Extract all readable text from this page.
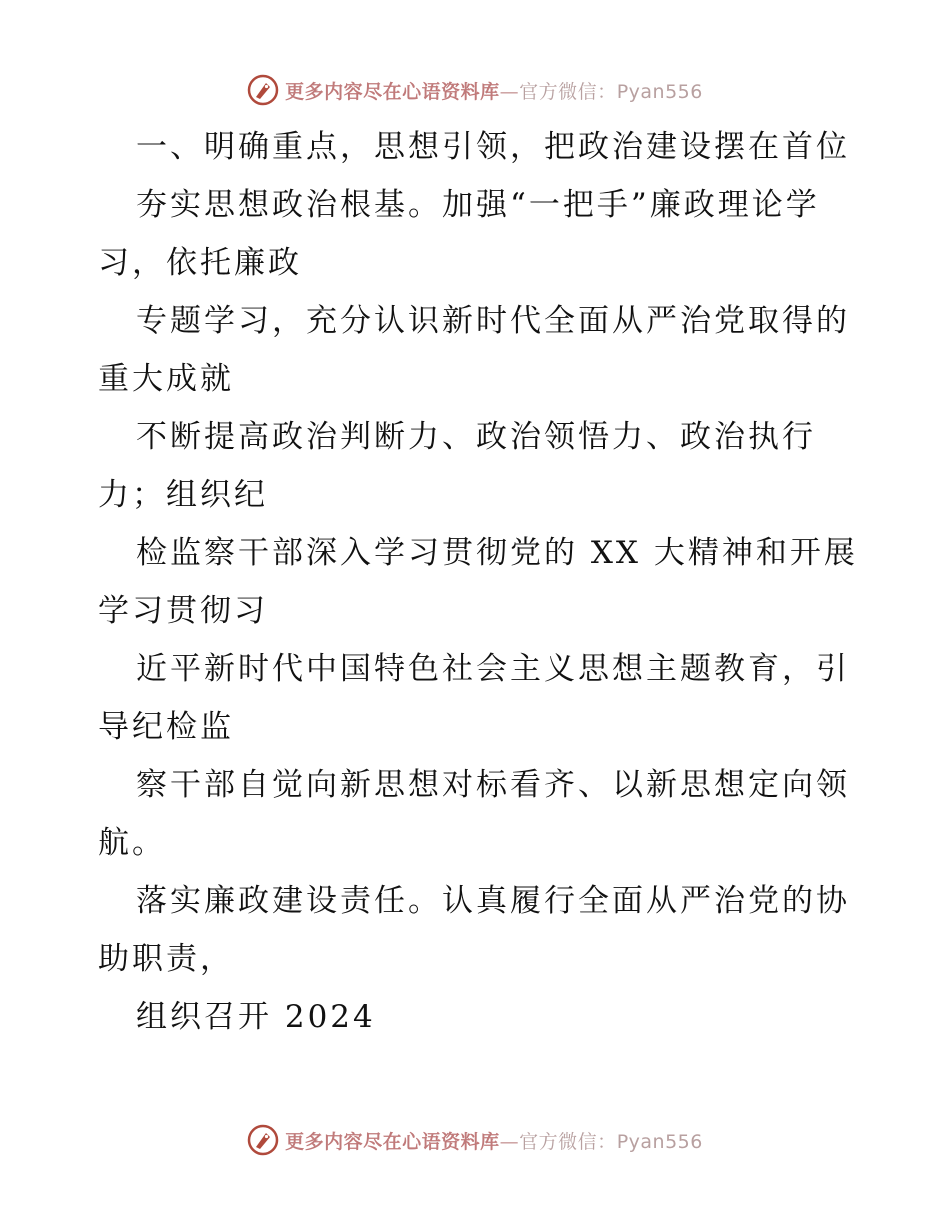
更多内容尽在心语资料库—官方微信：Pyan556

一、明确重点，思想引领，把政治建设摆在首位

夯实思想政治根基。加强“一把手”廉政理论学习，依托廉政

专题学习，充分认识新时代全面从严治党取得的重大成就

不断提高政治判断力、政治领悟力、政治执行力；组织纪

检监察干部深入学习贯彻党的 XX 大精神和开展学习贯彻习

近平新时代中国特色社会主义思想主题教育，引导纪检监

察干部自觉向新思想对标看齐、以新思想定向领航。

落实廉政建设责任。认真履行全面从严治党的协助职责，

组织召开 2024

更多内容尽在心语资料库—官方微信：Pyan556
